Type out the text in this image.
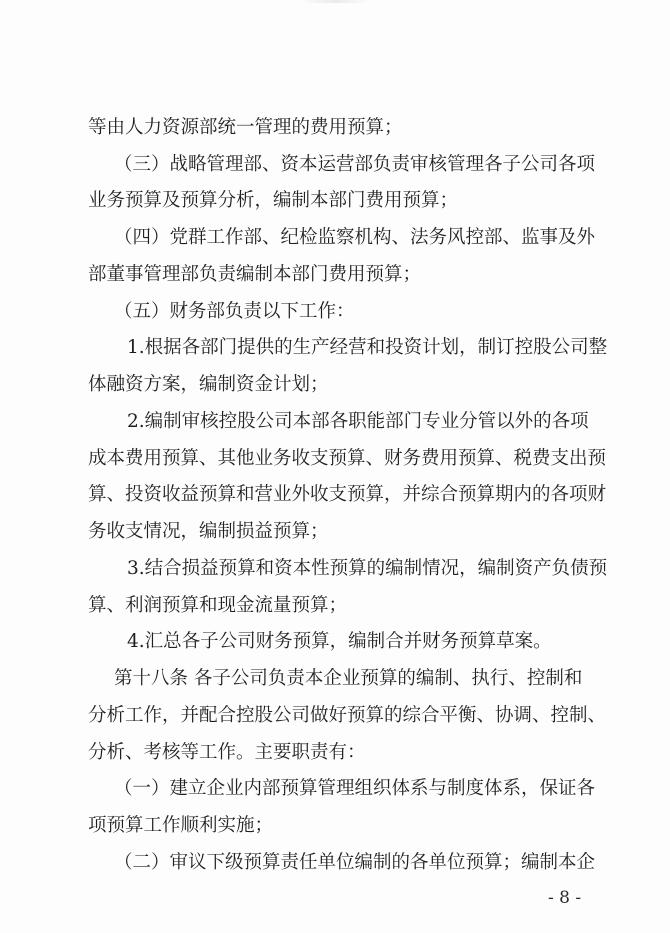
等由人力资源部统一管理的费用预算；
（三）战略管理部、资本运营部负责审核管理各子公司各项
业务预算及预算分析，编制本部门费用预算；
（四）党群工作部、纪检监察机构、法务风控部、监事及外
部董事管理部负责编制本部门费用预算；
（五）财务部负责以下工作：
1.根据各部门提供的生产经营和投资计划，制订控股公司整
体融资方案，编制资金计划；
2.编制审核控股公司本部各职能部门专业分管以外的各项
成本费用预算、其他业务收支预算、财务费用预算、税费支出预
算、投资收益预算和营业外收支预算，并综合预算期内的各项财
务收支情况，编制损益预算；
3.结合损益预算和资本性预算的编制情况，编制资产负债预
算、利润预算和现金流量预算；
4.汇总各子公司财务预算，编制合并财务预算草案。
第十八条 各子公司负责本企业预算的编制、执行、控制和
分析工作，并配合控股公司做好预算的综合平衡、协调、控制、
分析、考核等工作。主要职责有：
（一）建立企业内部预算管理组织体系与制度体系，保证各
项预算工作顺利实施；
（二）审议下级预算责任单位编制的各单位预算；编制本企
- 8 -
